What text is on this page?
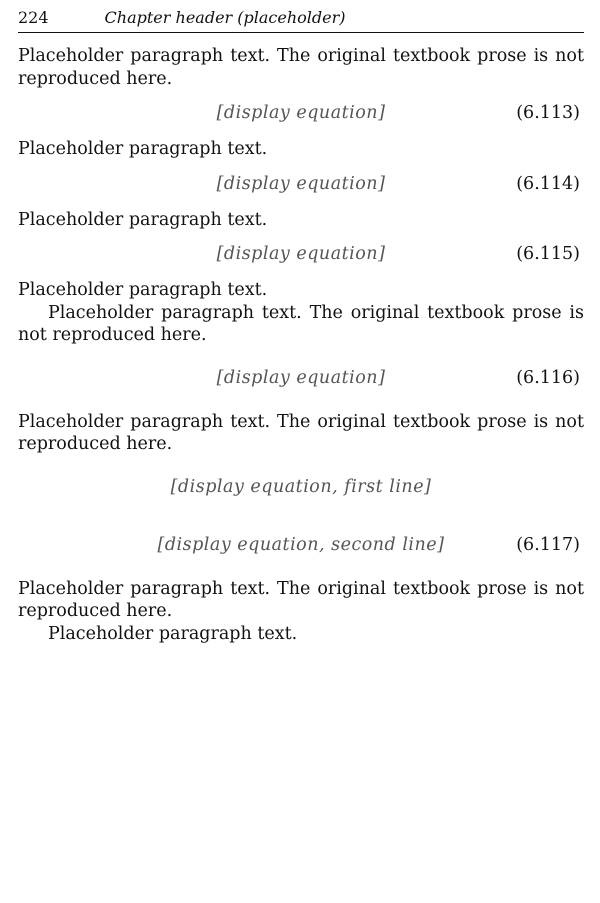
224	Chapter header (placeholder)

Placeholder paragraph text. The original textbook prose is not reproduced here.

[display equation]	(6.113)

Placeholder paragraph text.

[display equation]	(6.114)

Placeholder paragraph text.

[display equation]	(6.115)

Placeholder paragraph text.

Placeholder paragraph text. The original textbook prose is not reproduced here.

[display equation]	(6.116)

Placeholder paragraph text. The original textbook prose is not reproduced here.

[display equation, first line]
[display equation, second line]	(6.117)

Placeholder paragraph text. The original textbook prose is not reproduced here.

Placeholder paragraph text.
